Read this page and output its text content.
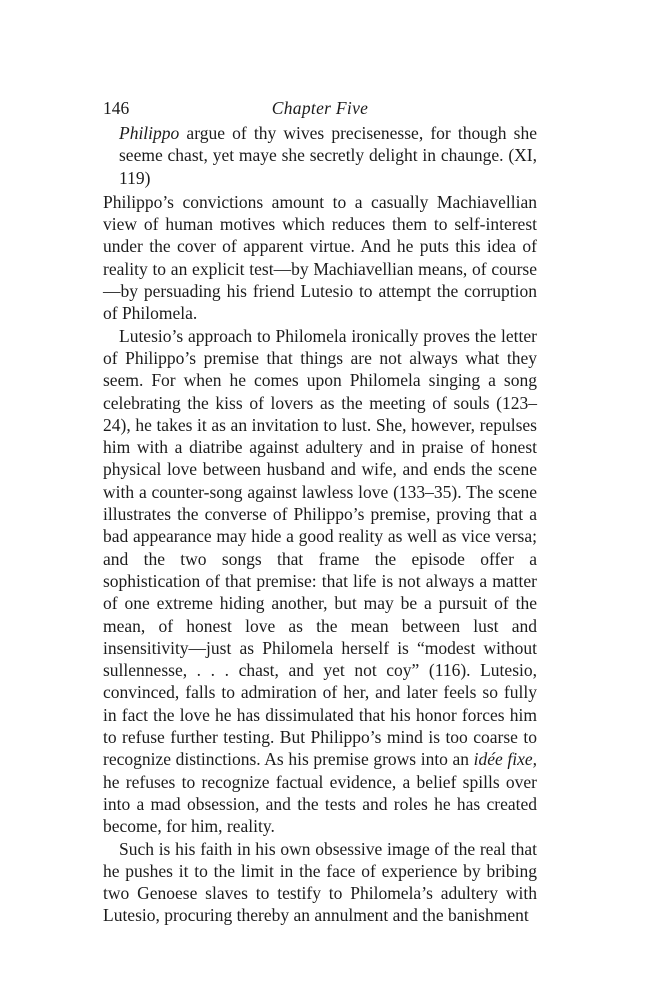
146	Chapter Five

Philippo argue of thy wives precisenesse, for though she seeme chast, yet maye she secretly delight in chaunge. (XI, 119)

Philippo’s convictions amount to a casually Machiavellian view of human motives which reduces them to self-interest under the cover of apparent virtue. And he puts this idea of reality to an explicit test—by Machiavellian means, of course —by persuading his friend Lutesio to attempt the corruption of Philomela.

Lutesio’s approach to Philomela ironically proves the letter of Philippo’s premise that things are not always what they seem. For when he comes upon Philomela singing a song celebrating the kiss of lovers as the meeting of souls (123–24), he takes it as an invitation to lust. She, however, repulses him with a diatribe against adultery and in praise of honest physical love between husband and wife, and ends the scene with a counter-song against lawless love (133–35). The scene illustrates the converse of Philippo’s premise, proving that a bad appearance may hide a good reality as well as vice versa; and the two songs that frame the episode offer a sophistication of that premise: that life is not always a matter of one extreme hiding another, but may be a pursuit of the mean, of honest love as the mean between lust and insensitivity—just as Philomela herself is “modest without sullennesse, . . . chast, and yet not coy” (116). Lutesio, convinced, falls to admiration of her, and later feels so fully in fact the love he has dissimulated that his honor forces him to refuse further testing. But Philippo’s mind is too coarse to recognize distinctions. As his premise grows into an idée fixe, he refuses to recognize factual evidence, a belief spills over into a mad obsession, and the tests and roles he has created become, for him, reality.

Such is his faith in his own obsessive image of the real that he pushes it to the limit in the face of experience by bribing two Genoese slaves to testify to Philomela’s adultery with Lutesio, procuring thereby an annulment and the banishment
